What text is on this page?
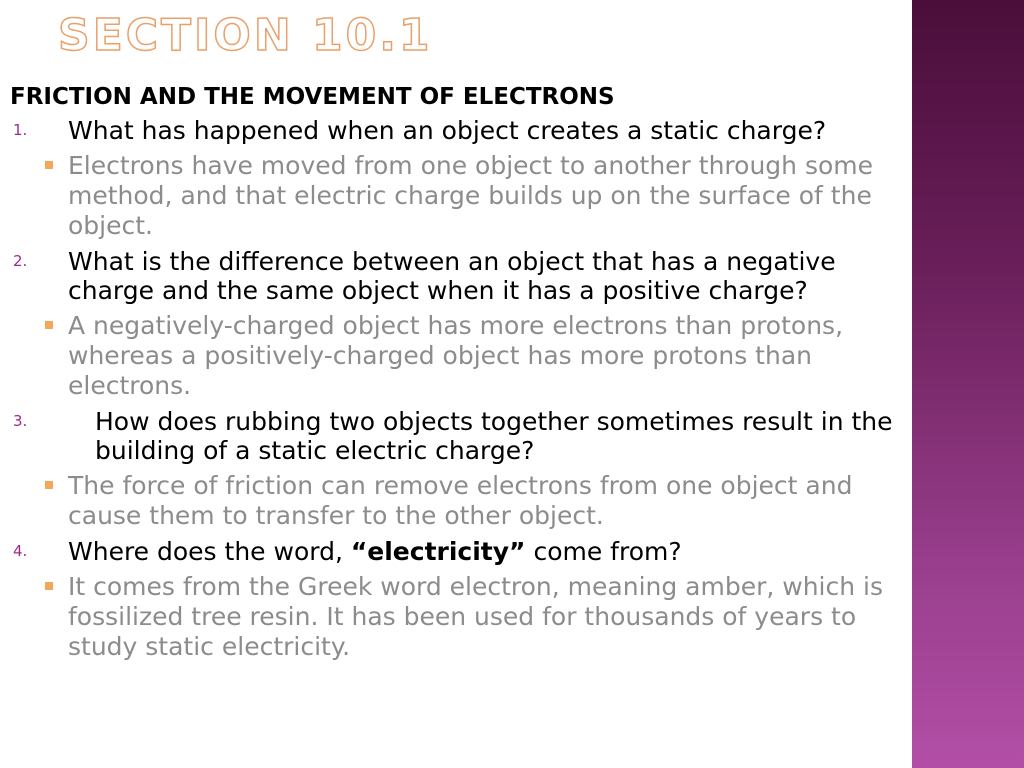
SECTION 10.1
FRICTION AND THE MOVEMENT OF ELECTRONS
1.	What has happened when an object creates a static charge?
Electrons have moved from one object to another through some method, and that electric charge builds up on the surface of the object.
2.	What is the difference between an object that has a negative charge and the same object when it has a positive charge?
A negatively-charged object has more electrons than protons, whereas a positively-charged object has more protons than electrons.
3.	How does rubbing two objects together sometimes result in the building of a static electric charge?
The force of friction can remove electrons from one object and cause them to transfer to the other object.
4.	Where does the word, “electricity” come from?
It comes from the Greek word electron, meaning amber, which is fossilized tree resin. It has been used for thousands of years to study static electricity.
